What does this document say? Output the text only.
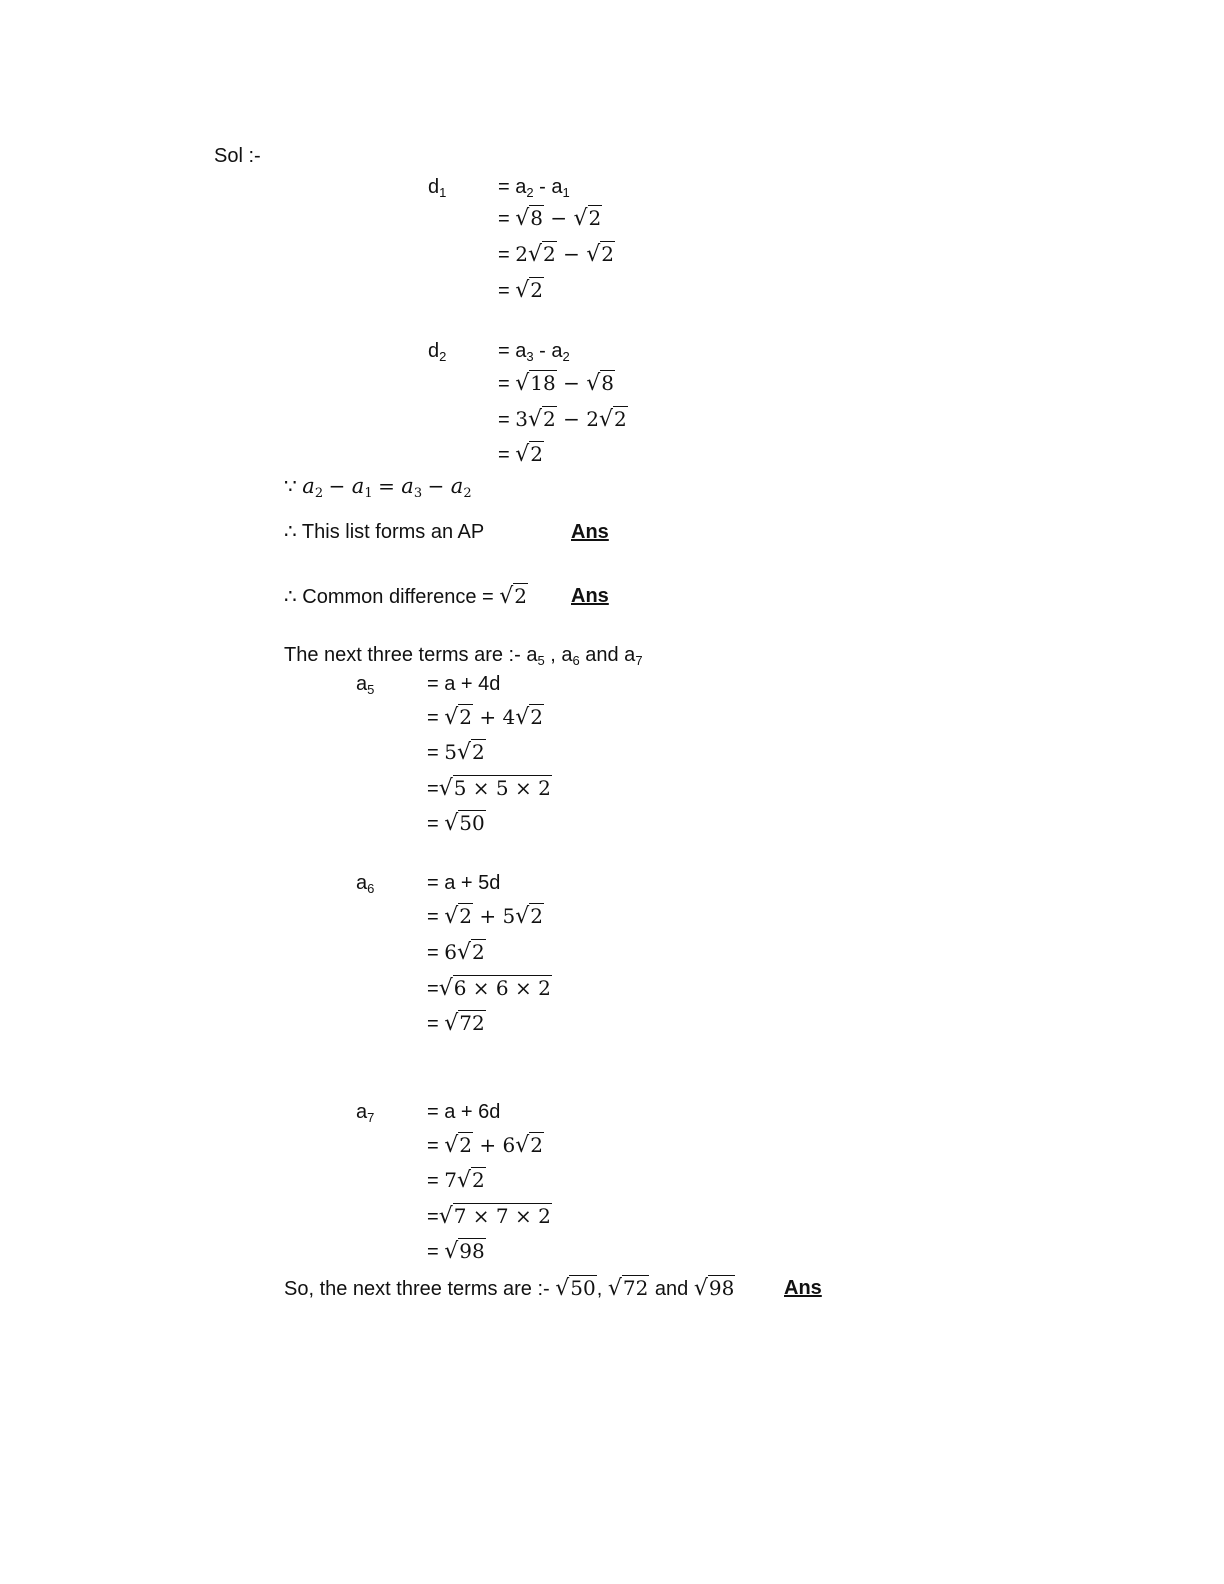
Sol :-
$d_1$	= $a_2 - a_1$
= √8 − √2
= 2√2 − √2
= √2
$d_2$	= $a_3 - a_2$
= √18 − √8
= 3√2 − 2√2
= √2
∵ $a_2 - a_1 = a_3 - a_2$
∴ This list forms an AP	Ans
∴ Common difference = √2 Ans
The next three terms are :- $a_5$ , $a_6$ and $a_7$
$a_5$	= a + 4d
= √2 + 4√2
= 5√2
=√5 × 5 × 2
= √50
$a_6$	= a + 5d
= √2 + 5√2
= 6√2
=√6 × 6 × 2
= √72
$a_7$	= a + 6d
= √2 + 6√2
= 7√2
=√7 × 7 × 2
= √98
So, the next three terms are :- √50, √72 and √98 Ans
